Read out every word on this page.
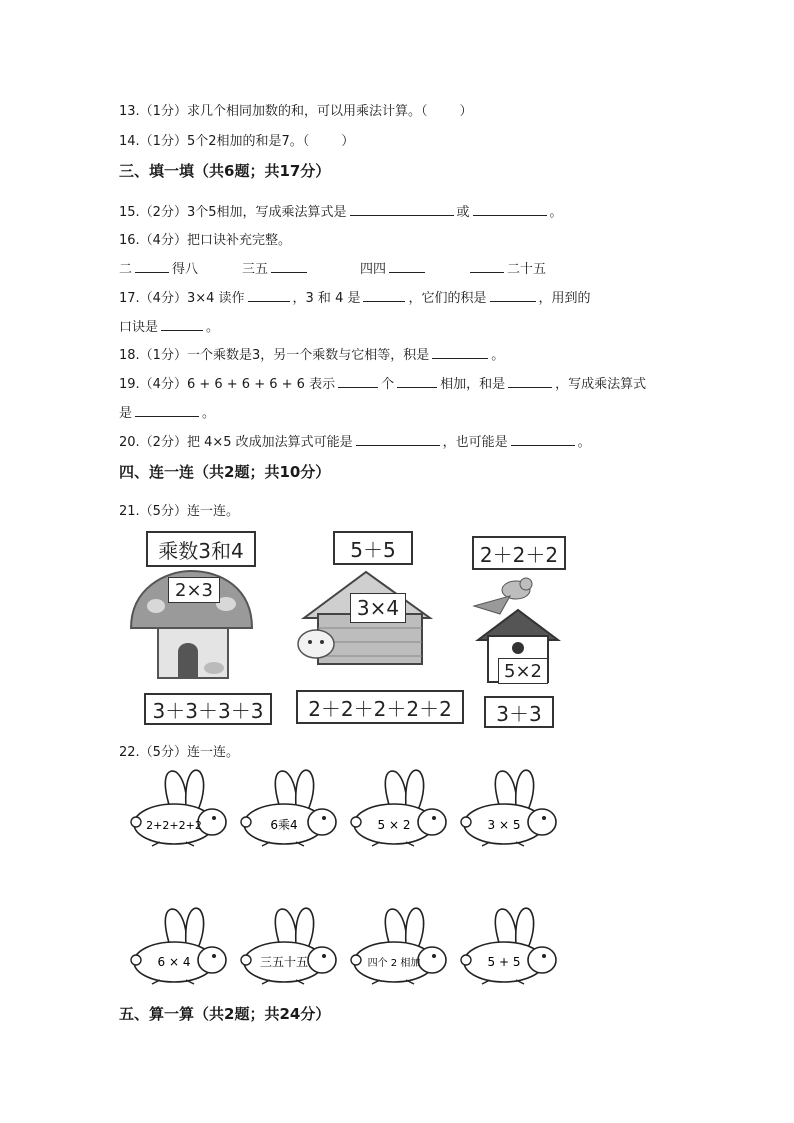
13.（1分）求几个相同加数的和，可以用乘法计算。（ ）
14.（1分）5个2相加的和是7。（ ）
三、填一填（共6题；共17分）
15.（2分）3个5相加，写成乘法算式是	或	。
16.（4分）把口诀补充完整。
二	得八	三五	四四	二十五
17.（4分）3×4 读作	，3 和 4 是	，它们的积是	，用到的
口诀是	。
18.（1分）一个乘数是3，另一个乘数与它相等，积是	。
19.（4分）6 + 6 + 6 + 6 + 6 表示	个	相加，和是	，写成乘法算式
是	。
20.（2分）把 4×5 改成加法算式可能是	，也可能是	。
四、连一连（共2题；共10分）
21.（5分）连一连。
乘数3和4	5＋5	2＋2＋2
2×3
3×4
5×2
3＋3＋3＋3	2＋2＋2＋2＋2	3＋3
22.（5分）连一连。
2+2+2+2	6乘4	5 × 2	3 × 5
6 × 4	三五十五	四个 2 相加	5 + 5
五、算一算（共2题；共24分）
